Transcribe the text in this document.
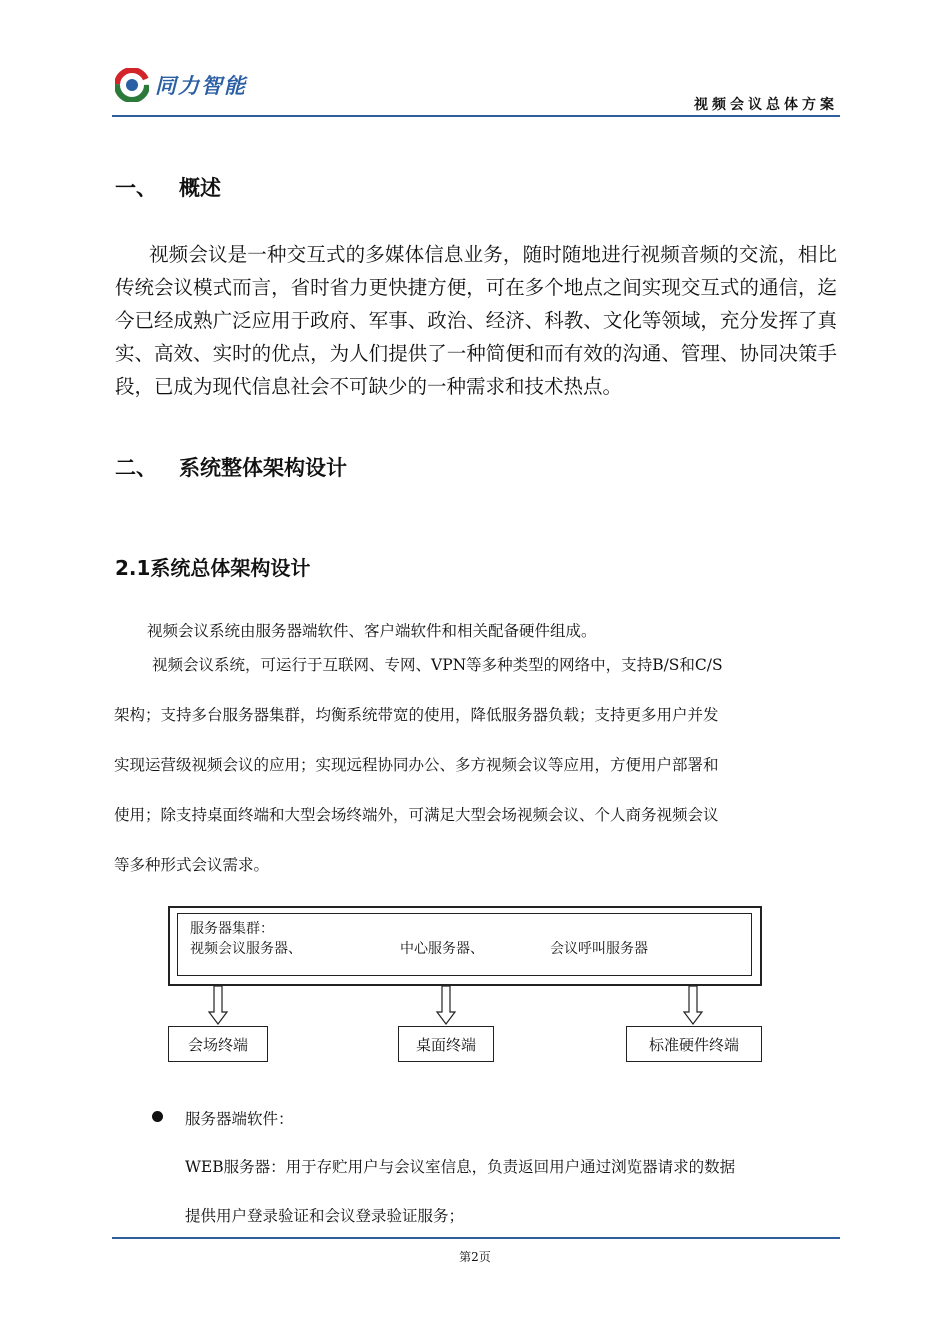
同力智能
视频会议总体方案
一、 概述
视频会议是一种交互式的多媒体信息业务，随时随地进行视频音频的交流，相比传统会议模式而言，省时省力更快捷方便，可在多个地点之间实现交互式的通信，迄今已经成熟广泛应用于政府、军事、政治、经济、科教、文化等领域，充分发挥了真实、高效、实时的优点，为人们提供了一种简便和而有效的沟通、管理、协同决策手段，已成为现代信息社会不可缺少的一种需求和技术热点。
二、 系统整体架构设计
2.1系统总体架构设计
视频会议系统由服务器端软件、客户端软件和相关配备硬件组成。
视频会议系统，可运行于互联网、专网、VPN等多种类型的网络中，支持B/S和C/S
架构；支持多台服务器集群，均衡系统带宽的使用，降低服务器负载；支持更多用户并发
实现运营级视频会议的应用；实现远程协同办公、多方视频会议等应用，方便用户部署和
使用；除支持桌面终端和大型会场终端外，可满足大型会场视频会议、个人商务视频会议
等多种形式会议需求。
服务器集群：
视频会议服务器、	中心服务器、	会议呼叫服务器
会场终端	桌面终端	标准硬件终端
服务器端软件：
WEB服务器：用于存贮用户与会议室信息，负责返回用户通过浏览器请求的数据
提供用户登录验证和会议登录验证服务；
第2页
